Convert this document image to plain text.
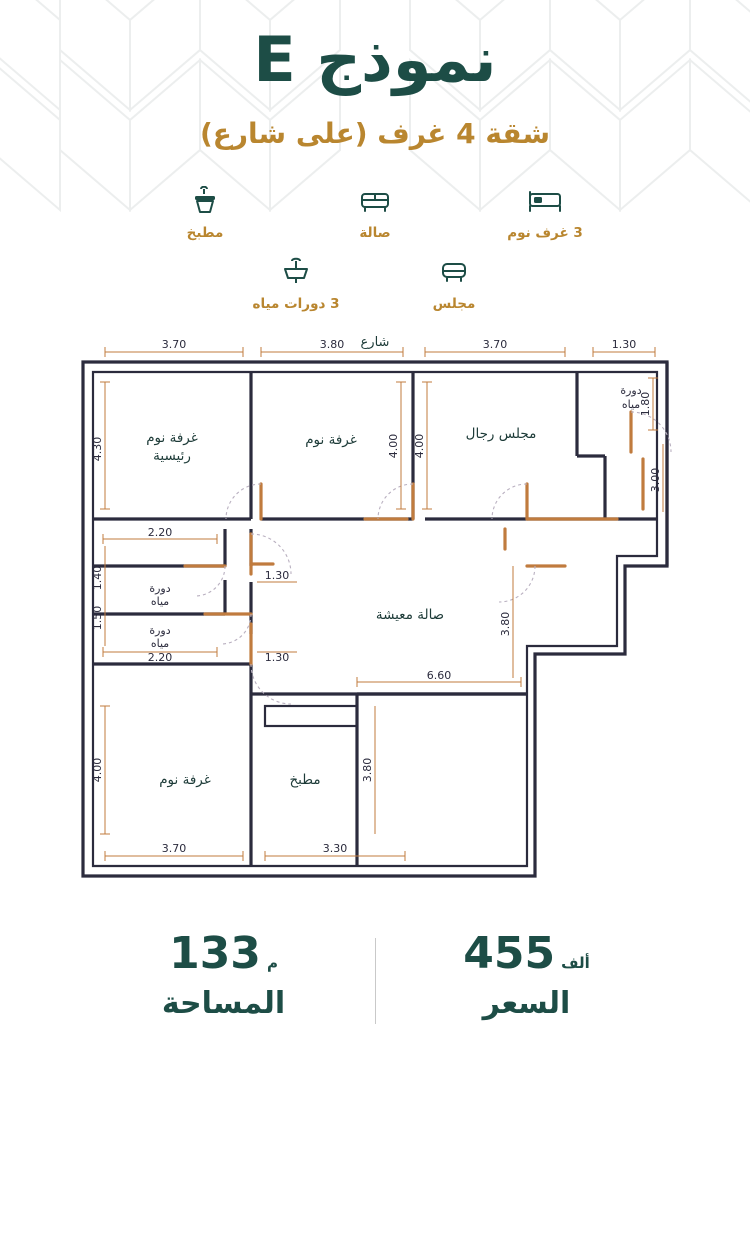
نموذج E
شقة 4 غرف (على شارع)
3 غرف نوم
صالة
مطبخ
مجلس
3 دورات مياه
شارع
3.70	3.80	3.70	1.30
غرفة نوم
رئيسية
غرفة نوم	مجلس رجال
دورة
مياه
دورة
مياه
دورة
مياه
صالة معيشة
غرفة نوم	مطبخ
4.30	4.00 4.00
1.80
3.00
2.20
1.40
2.20
1.50
1.30
1.30
6.60
3.80
4.00	3.80
3.70	3.30
ألف
455
السعر
م
133
المساحة
